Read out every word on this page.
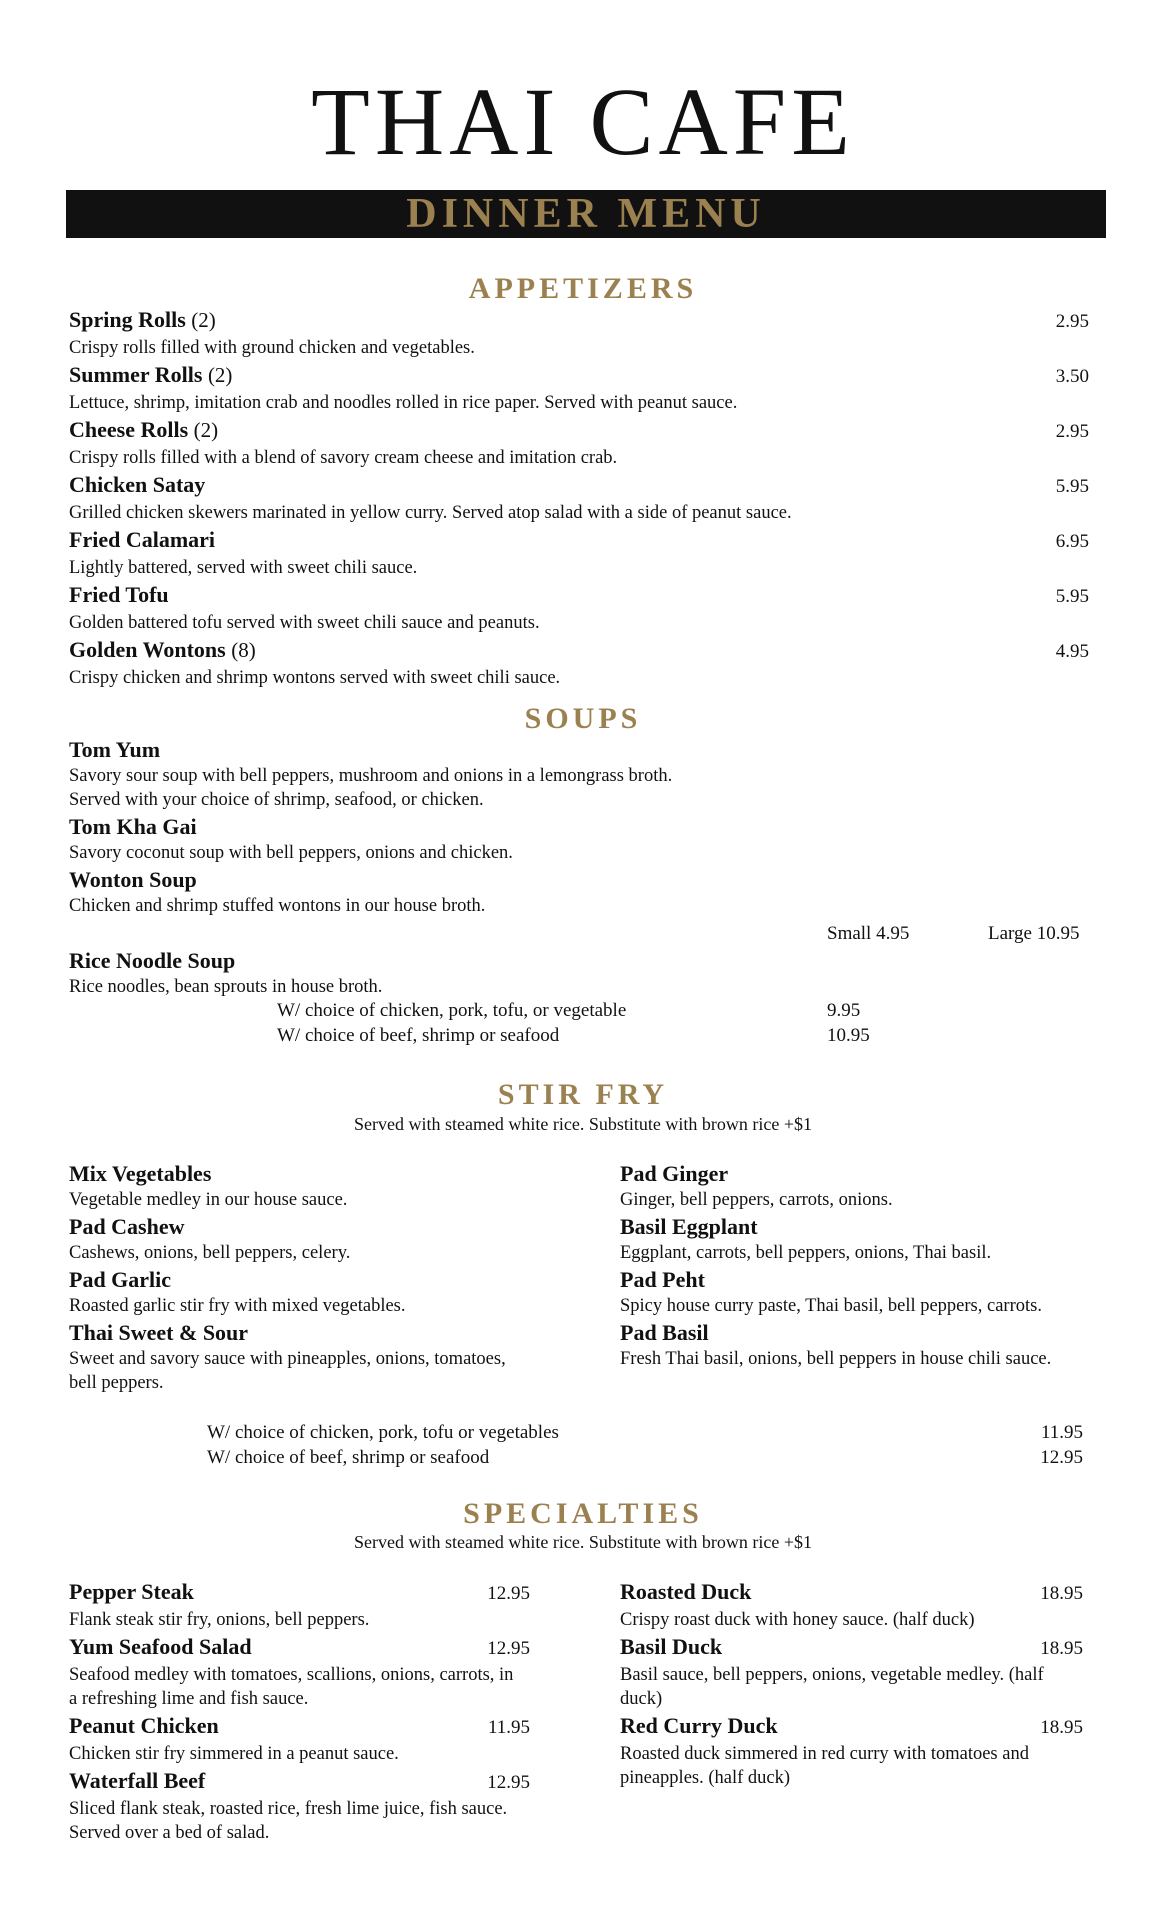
THAI CAFE
DINNER MENU
APPETIZERS
Spring Rolls (2)	2.95
Crispy rolls filled with ground chicken and vegetables.
Summer Rolls (2)	3.50
Lettuce, shrimp, imitation crab and noodles rolled in rice paper. Served with peanut sauce.
Cheese Rolls (2)	2.95
Crispy rolls filled with a blend of savory cream cheese and imitation crab.
Chicken Satay	5.95
Grilled chicken skewers marinated in yellow curry. Served atop salad with a side of peanut sauce.
Fried Calamari	6.95
Lightly battered, served with sweet chili sauce.
Fried Tofu	5.95
Golden battered tofu served with sweet chili sauce and peanuts.
Golden Wontons (8)	4.95
Crispy chicken and shrimp wontons served with sweet chili sauce.
SOUPS
Tom Yum
Savory sour soup with bell peppers, mushroom and onions in a lemongrass broth.
Served with your choice of shrimp, seafood, or chicken.
Tom Kha Gai
Savory coconut soup with bell peppers, onions and chicken.
Wonton Soup
Chicken and shrimp stuffed wontons in our house broth.
Small 4.95	Large 10.95
Rice Noodle Soup
Rice noodles, bean sprouts in house broth.
W/ choice of chicken, pork, tofu, or vegetable	9.95
W/ choice of beef, shrimp or seafood	10.95
STIR FRY
Served with steamed white rice. Substitute with brown rice +$1
Mix Vegetables
Vegetable medley in our house sauce.
Pad Cashew
Cashews, onions, bell peppers, celery.
Pad Garlic
Roasted garlic stir fry with mixed vegetables.
Thai Sweet & Sour
Sweet and savory sauce with pineapples, onions, tomatoes, bell peppers.
Pad Ginger
Ginger, bell peppers, carrots, onions.
Basil Eggplant
Eggplant, carrots, bell peppers, onions, Thai basil.
Pad Peht
Spicy house curry paste, Thai basil, bell peppers, carrots.
Pad Basil
Fresh Thai basil, onions, bell peppers in house chili sauce.
W/ choice of chicken, pork, tofu or vegetables	11.95
W/ choice of beef, shrimp or seafood	12.95
SPECIALTIES
Served with steamed white rice. Substitute with brown rice +$1
Pepper Steak	12.95
Flank steak stir fry, onions, bell peppers.
Yum Seafood Salad	12.95
Seafood medley with tomatoes, scallions, onions, carrots, in a refreshing lime and fish sauce.
Peanut Chicken	11.95
Chicken stir fry simmered in a peanut sauce.
Waterfall Beef	12.95
Sliced flank steak, roasted rice, fresh lime juice, fish sauce. Served over a bed of salad.
Roasted Duck	18.95
Crispy roast duck with honey sauce. (half duck)
Basil Duck	18.95
Basil sauce, bell peppers, onions, vegetable medley. (half duck)
Red Curry Duck	18.95
Roasted duck simmered in red curry with tomatoes and pineapples. (half duck)
